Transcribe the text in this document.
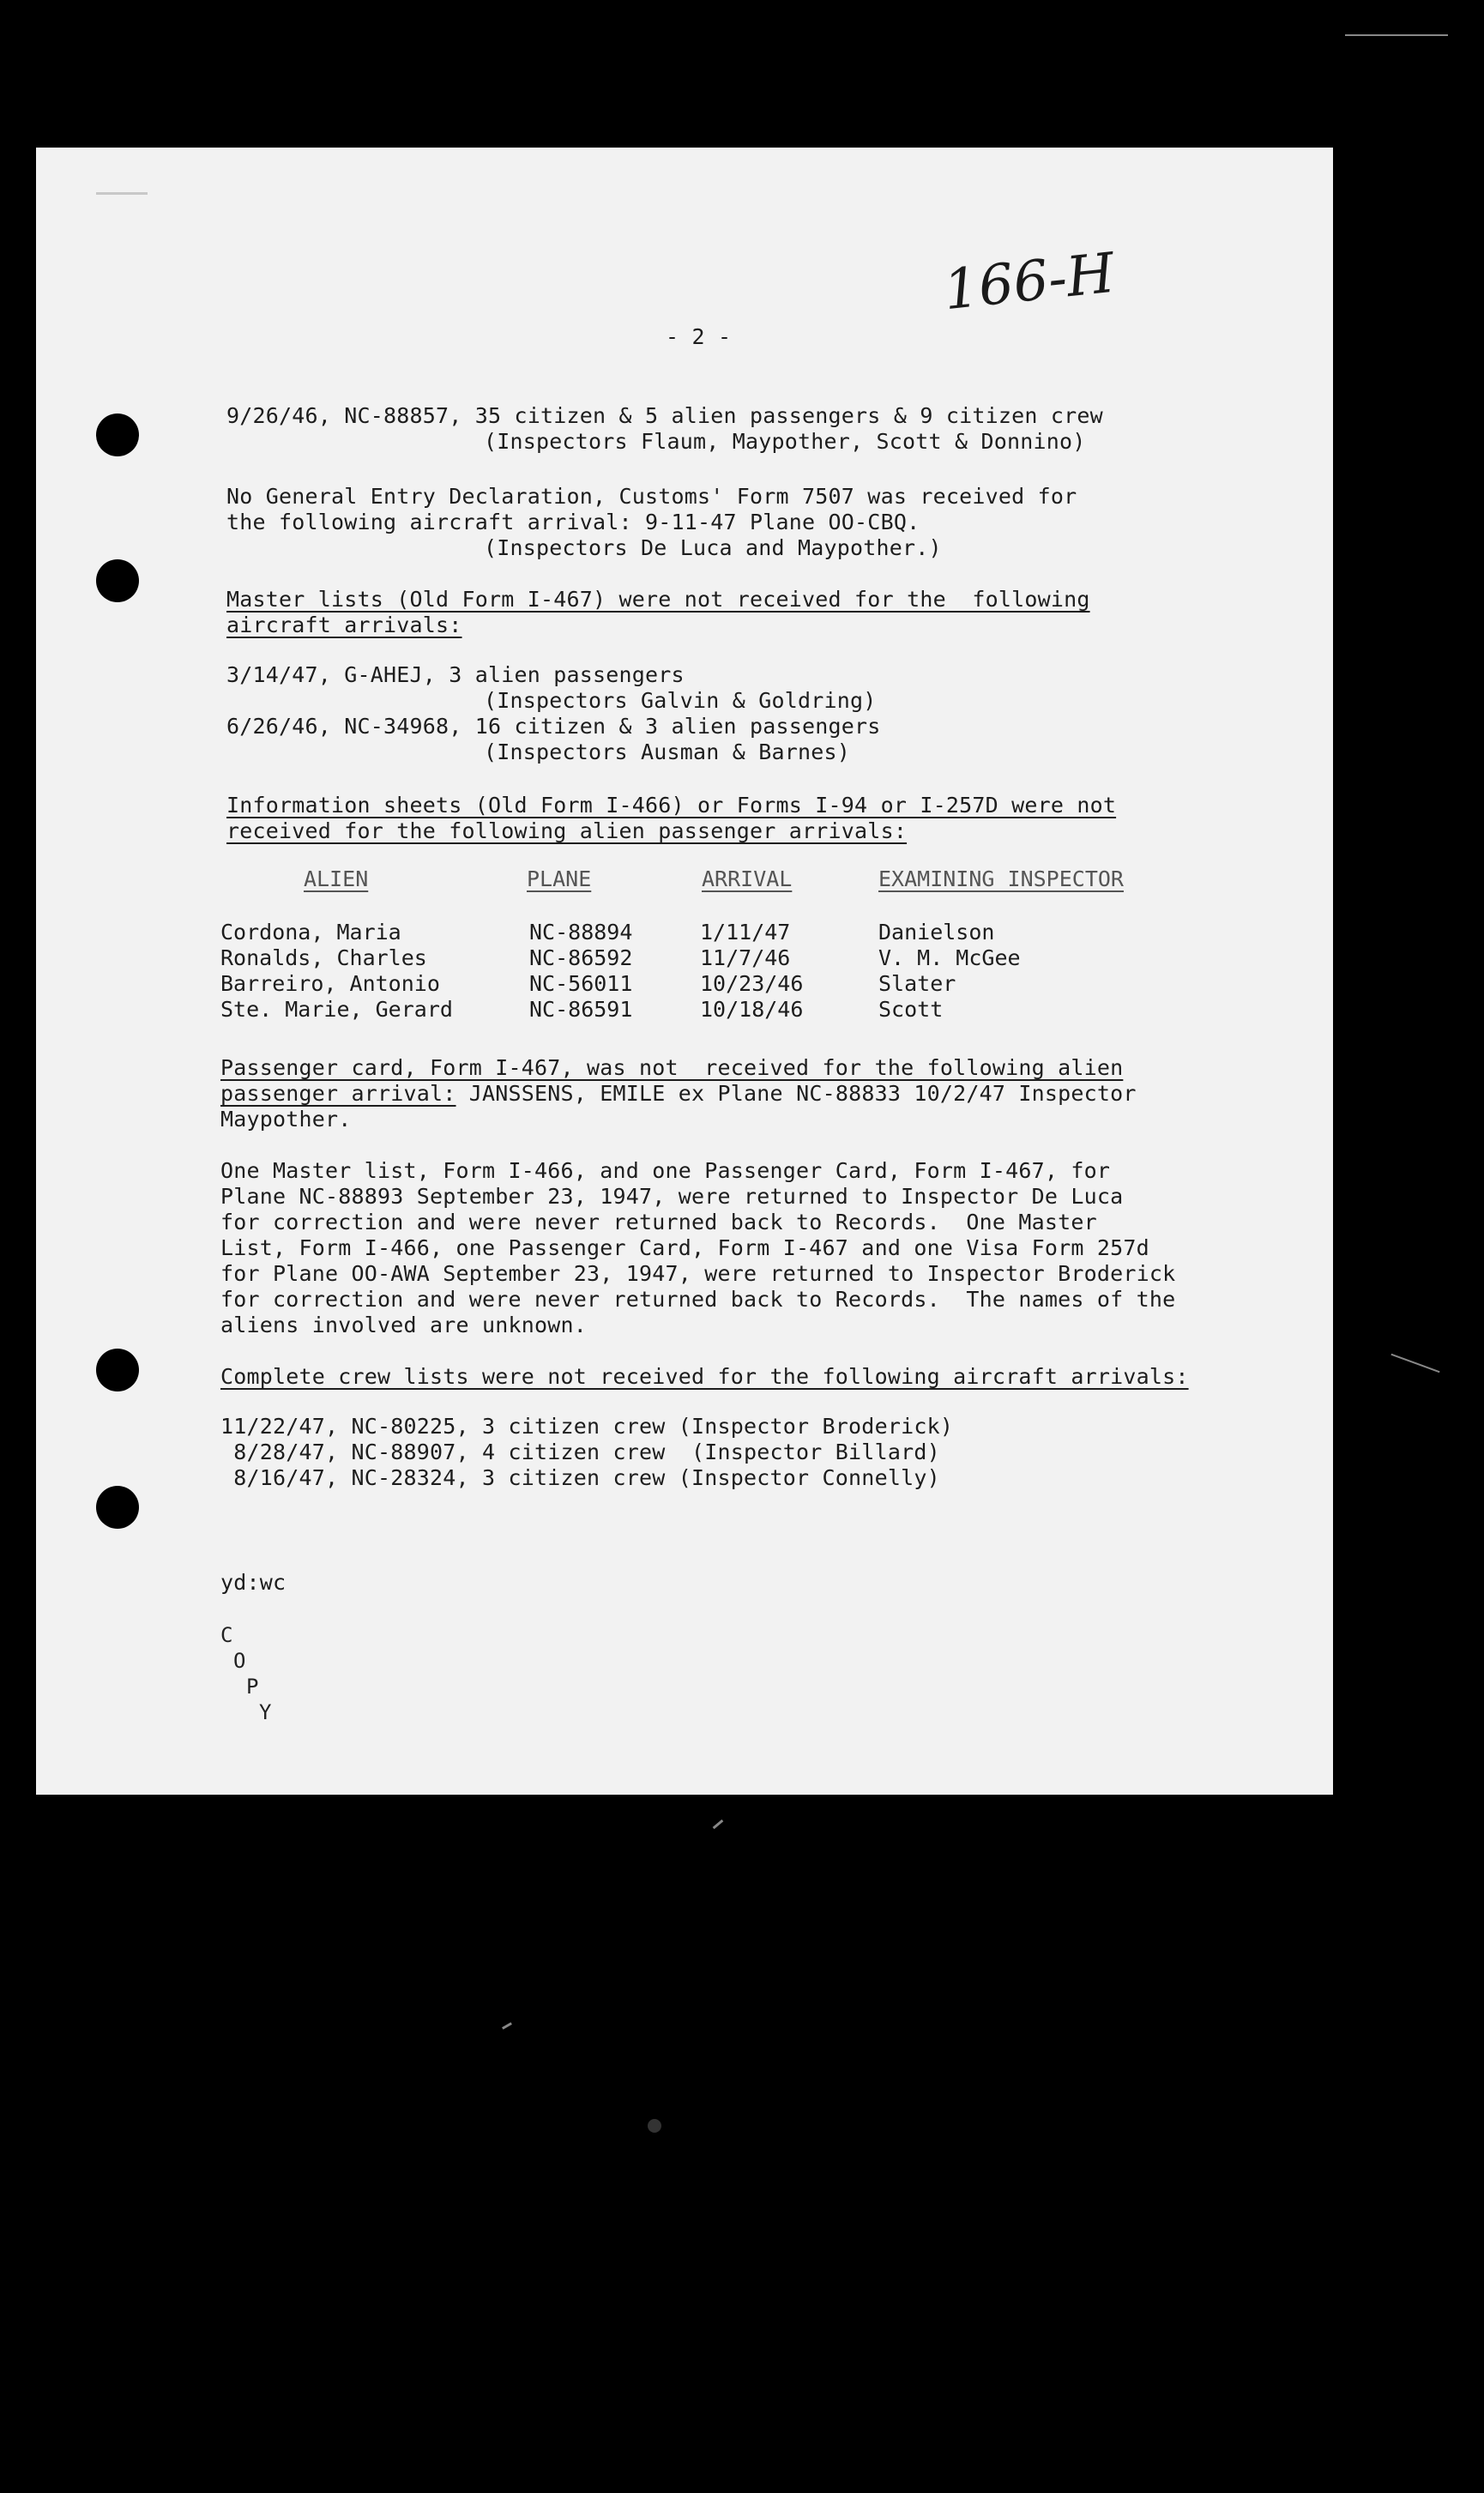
166-H
- 2 -
9/26/46, NC-88857, 35 citizen & 5 alien passengers & 9 citizen crew
(Inspectors Flaum, Maypother, Scott & Donnino)
No General Entry Declaration, Customs' Form 7507 was received for
the following aircraft arrival: 9-11-47 Plane OO-CBQ.
(Inspectors De Luca and Maypother.)
Master lists (Old Form I-467) were not received for the  following
aircraft arrivals:
3/14/47, G-AHEJ, 3 alien passengers
(Inspectors Galvin & Goldring)
6/26/46, NC-34968, 16 citizen & 3 alien passengers
(Inspectors Ausman & Barnes)
Information sheets (Old Form I-466) or Forms I-94 or I-257D were not
received for the following alien passenger arrivals:
ALIEN	PLANE	ARRIVAL	EXAMINING INSPECTOR
Cordona, Maria	NC-88894	1/11/47	Danielson
Ronalds, Charles	NC-86592	11/7/46	V. M. McGee
Barreiro, Antonio	NC-56011	10/23/46	Slater
Ste. Marie, Gerard	NC-86591	10/18/46	Scott
Passenger card, Form I-467, was not  received for the following alien
passenger arrival: JANSSENS, EMILE ex Plane NC-88833 10/2/47 Inspector
Maypother.
One Master list, Form I-466, and one Passenger Card, Form I-467, for
Plane NC-88893 September 23, 1947, were returned to Inspector De Luca
for correction and were never returned back to Records.  One Master
List, Form I-466, one Passenger Card, Form I-467 and one Visa Form 257d
for Plane OO-AWA September 23, 1947, were returned to Inspector Broderick
for correction and were never returned back to Records.  The names of the
aliens involved are unknown.
Complete crew lists were not received for the following aircraft arrivals:
11/22/47, NC-80225, 3 citizen crew (Inspector Broderick)
8/28/47, NC-88907, 4 citizen crew  (Inspector Billard)
8/16/47, NC-28324, 3 citizen crew (Inspector Connelly)
yd:wc
C
O
P
Y
